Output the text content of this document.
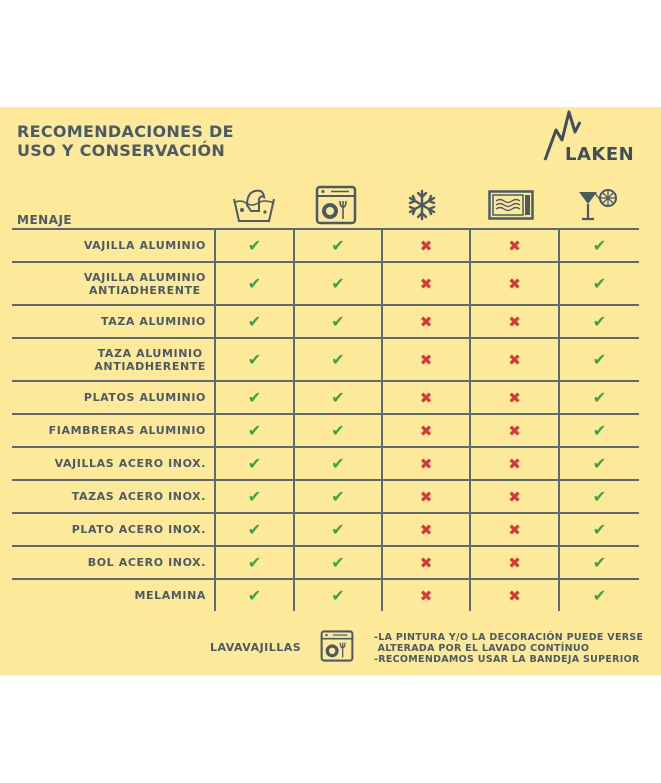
RECOMENDACIONES DE
USO Y CONSERVACIÓN	LAKEN
MENAJE
VAJILLA ALUMINIO	✔	✔	✖	✖	✔
VAJILLA ALUMINIO
ANTIADHERENTE	✔	✔	✖	✖	✔
TAZA ALUMINIO	✔	✔	✖	✖	✔
TAZA ALUMINIO
ANTIADHERENTE	✔	✔	✖	✖	✔
PLATOS ALUMINIO	✔	✔	✖	✖	✔
FIAMBRERAS ALUMINIO	✔	✔	✖	✖	✔
VAJILLAS ACERO INOX.	✔	✔	✖	✖	✔
TAZAS ACERO INOX.	✔	✔	✖	✖	✔
PLATO ACERO INOX.	✔	✔	✖	✖	✔
BOL ACERO INOX.	✔	✔	✖	✖	✔
MELAMINA	✔	✔	✖	✖	✔
LAVAVAJILLAS
-LA PINTURA Y/O LA DECORACIÓN PUEDE VERSE
ALTERADA POR EL LAVADO CONTÍNUO
-RECOMENDAMOS USAR LA BANDEJA SUPERIOR
